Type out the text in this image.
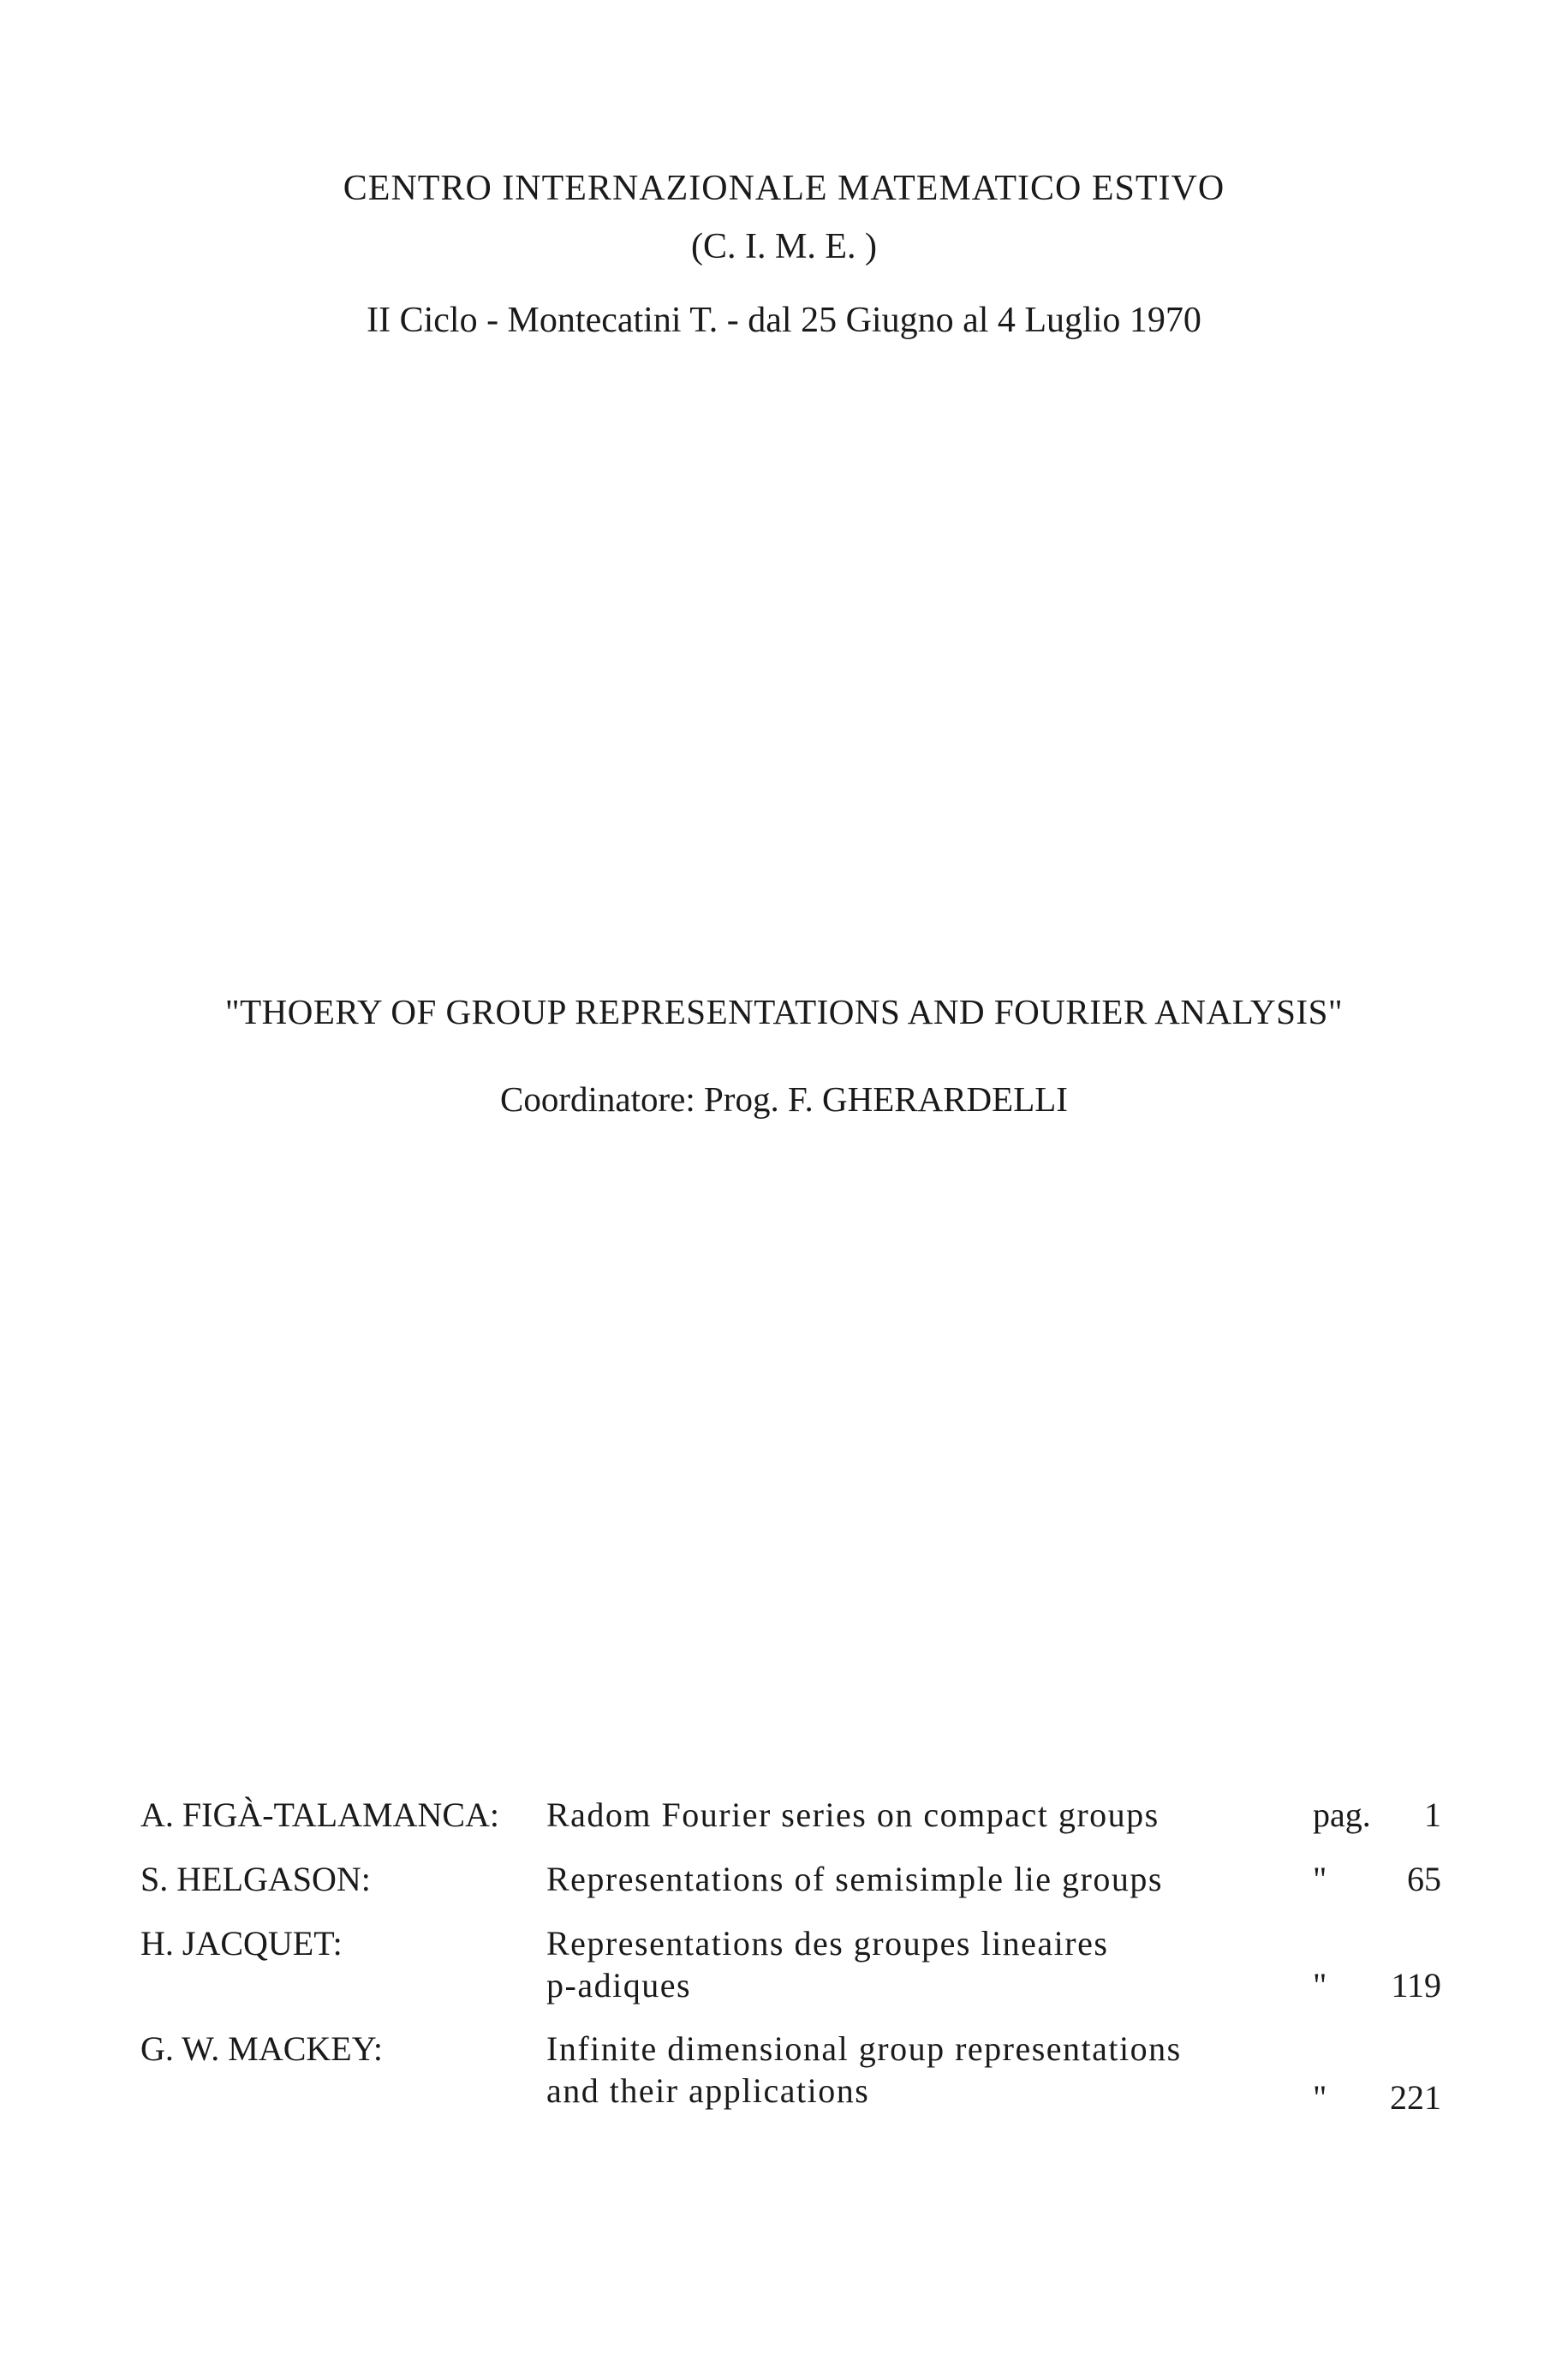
CENTRO INTERNAZIONALE MATEMATICO ESTIVO
(C. I. M. E. )
II Ciclo - Montecatini T. - dal 25 Giugno al 4 Luglio 1970
"THOERY OF GROUP REPRESENTATIONS AND FOURIER ANALYSIS"
Coordinatore: Prog. F. GHERARDELLI
A. FIGÀ-TALAMANCA: Radom Fourier series on compact groups	pag. 1
S. HELGASON:	Representations of semisimple lie groups	" 65
H. JACQUET:	Representations des groupes lineaires
p-adiques	" 119
G. W. MACKEY:	Infinite dimensional group representations
and their applications	" 221
